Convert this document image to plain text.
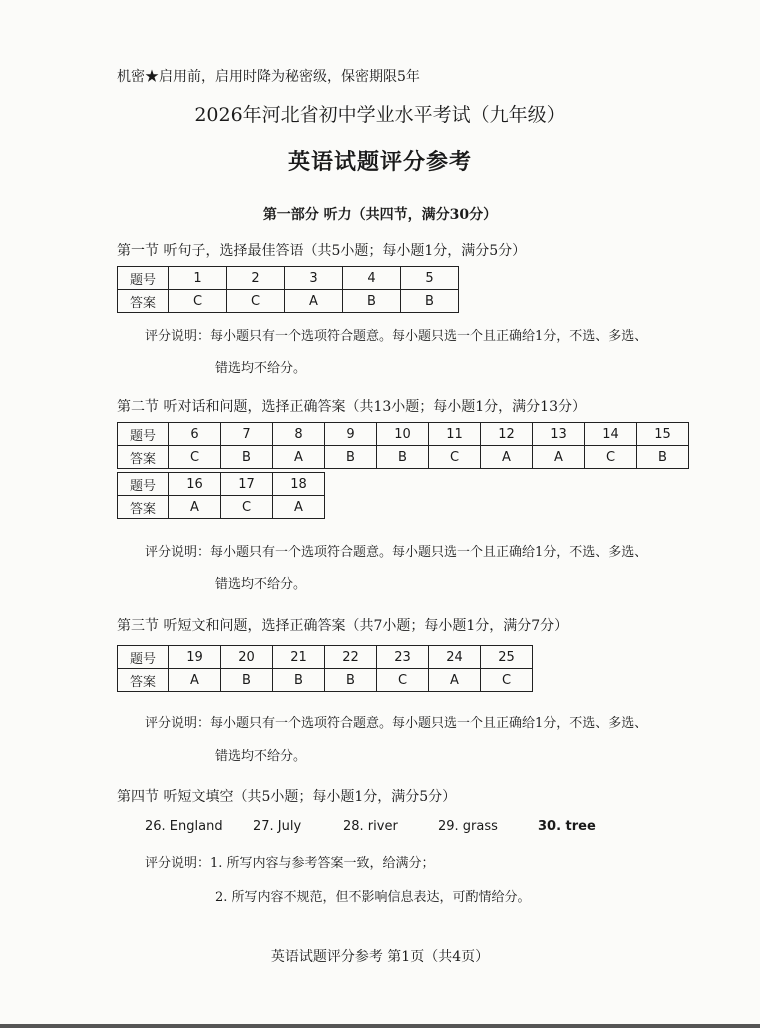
机密★启用前，启用时降为秘密级，保密期限5年
2026年河北省初中学业水平考试（九年级）
英语试题评分参考
第一部分 听力（共四节，满分30分）
第一节 听句子，选择最佳答语（共5小题；每小题1分，满分5分）
题号	1	2	3	4	5
答案	C	C	A	B	B
评分说明：每小题只有一个选项符合题意。每小题只选一个且正确给1分，不选、多选、
错选均不给分。
第二节 听对话和问题，选择正确答案（共13小题；每小题1分，满分13分）
题号	6	7	8	9	10	11	12	13	14	15
答案	C	B	A	B	B	C	A	A	C	B
题号	16	17	18
答案	A	C	A
评分说明：每小题只有一个选项符合题意。每小题只选一个且正确给1分，不选、多选、
错选均不给分。
第三节 听短文和问题，选择正确答案（共7小题；每小题1分，满分7分）
题号	19	20	21	22	23	24	25
答案	A	B	B	B	C	A	C
评分说明：每小题只有一个选项符合题意。每小题只选一个且正确给1分，不选、多选、
错选均不给分。
第四节 听短文填空（共5小题；每小题1分，满分5分）
26. England 27. July	28. river	29. grass	30. tree
评分说明：1. 所写内容与参考答案一致，给满分；
2. 所写内容不规范，但不影响信息表达，可酌情给分。
英语试题评分参考 第1页（共4页）
